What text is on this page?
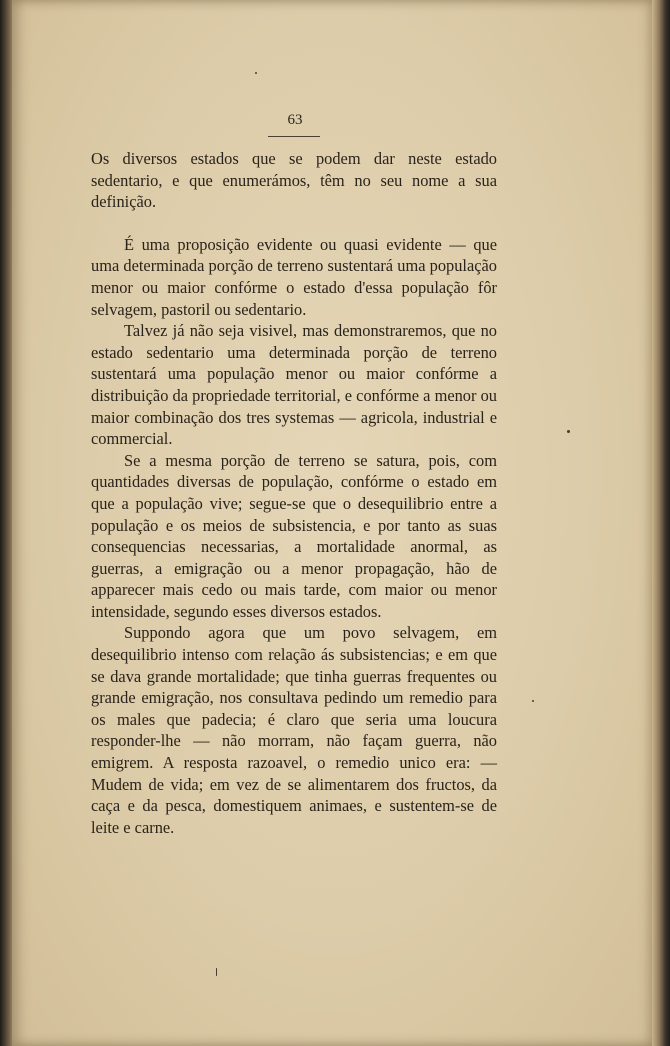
63

Os diversos estados que se podem dar neste estado sedentario, e que enumerámos, têm no seu nome a sua definição.

É uma proposição evidente ou quasi evidente — que uma determinada porção de terreno sustentará uma população menor ou maior confórme o estado d'essa população fôr selvagem, pastoril ou sedentario.

Talvez já não seja visivel, mas demonstraremos, que no estado sedentario uma determinada porção de terreno sustentará uma população menor ou maior confórme a distribuição da propriedade territorial, e confórme a menor ou maior combinação dos tres systemas — agricola, industrial e commercial.

Se a mesma porção de terreno se satura, pois, com quantidades diversas de população, confórme o estado em que a população vive; segue-se que o desequilibrio entre a população e os meios de subsistencia, e por tanto as suas consequencias necessarias, a mortalidade anormal, as guerras, a emigração ou a menor propagação, hão de apparecer mais cedo ou mais tarde, com maior ou menor intensidade, segundo esses diversos estados.

Suppondo agora que um povo selvagem, em desequilibrio intenso com relação ás subsistencias; e em que se dava grande mortalidade; que tinha guerras frequentes ou grande emigração, nos consultava pedindo um remedio para os males que padecia; é claro que seria uma loucura responder-lhe — não morram, não façam guerra, não emigrem. A resposta razoavel, o remedio unico era: — Mudem de vida; em vez de se alimentarem dos fructos, da caça e da pesca, domestiquem animaes, e sustentem-se de leite e carne.
